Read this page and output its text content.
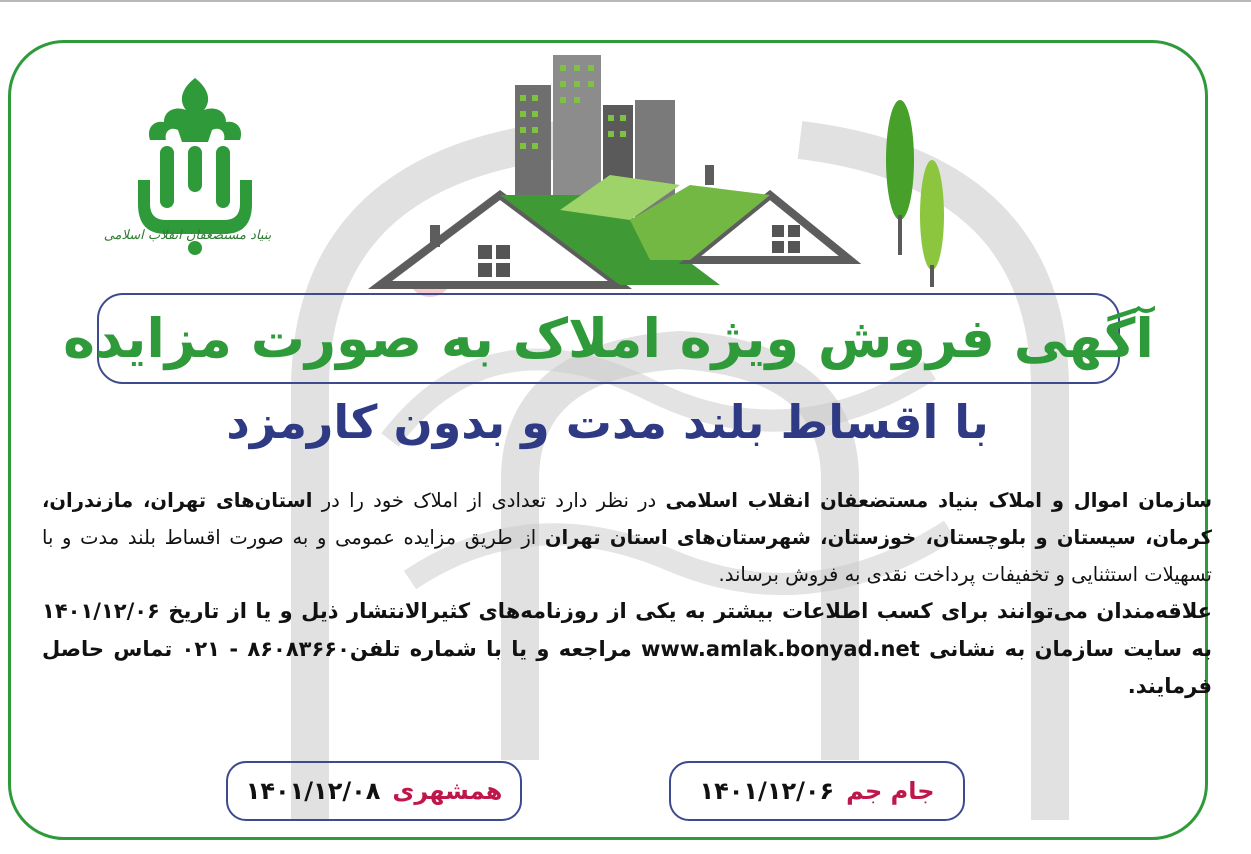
بنیاد مستضعفان انقلاب اسلامی
آگهی فروش ویژه املاک به صورت مزایده
با اقساط بلند مدت و بدون کارمزد

سازمان اموال و املاک بنیاد مستضعفان انقلاب اسلامی در نظر دارد تعدادی از املاک خود را در استان‌های تهران، مازندران، کرمان، سیستان و بلوچستان، خوزستان، شهرستان‌های استان تهران از طریق مزایده عمومی و به صورت اقساط بلند مدت و با تسهیلات استثنایی و تخفیفات پرداخت نقدی به فروش برساند.

علاقه‌مندان می‌توانند برای کسب اطلاعات بیشتر به یکی از روزنامه‌های کثیرالانتشار ذیل و یا از تاریخ ۱۴۰۱/۱۲/۰۶ به سایت سازمان به نشانی www.amlak.bonyad.net مراجعه و یا با شماره تلفن۸۶۰۸۳۶۶۰ - ۰۲۱ تماس حاصل فرمایند.

جام جم
۱۴۰۱/۱۲/۰۶
همشهری
۱۴۰۱/۱۲/۰۸
